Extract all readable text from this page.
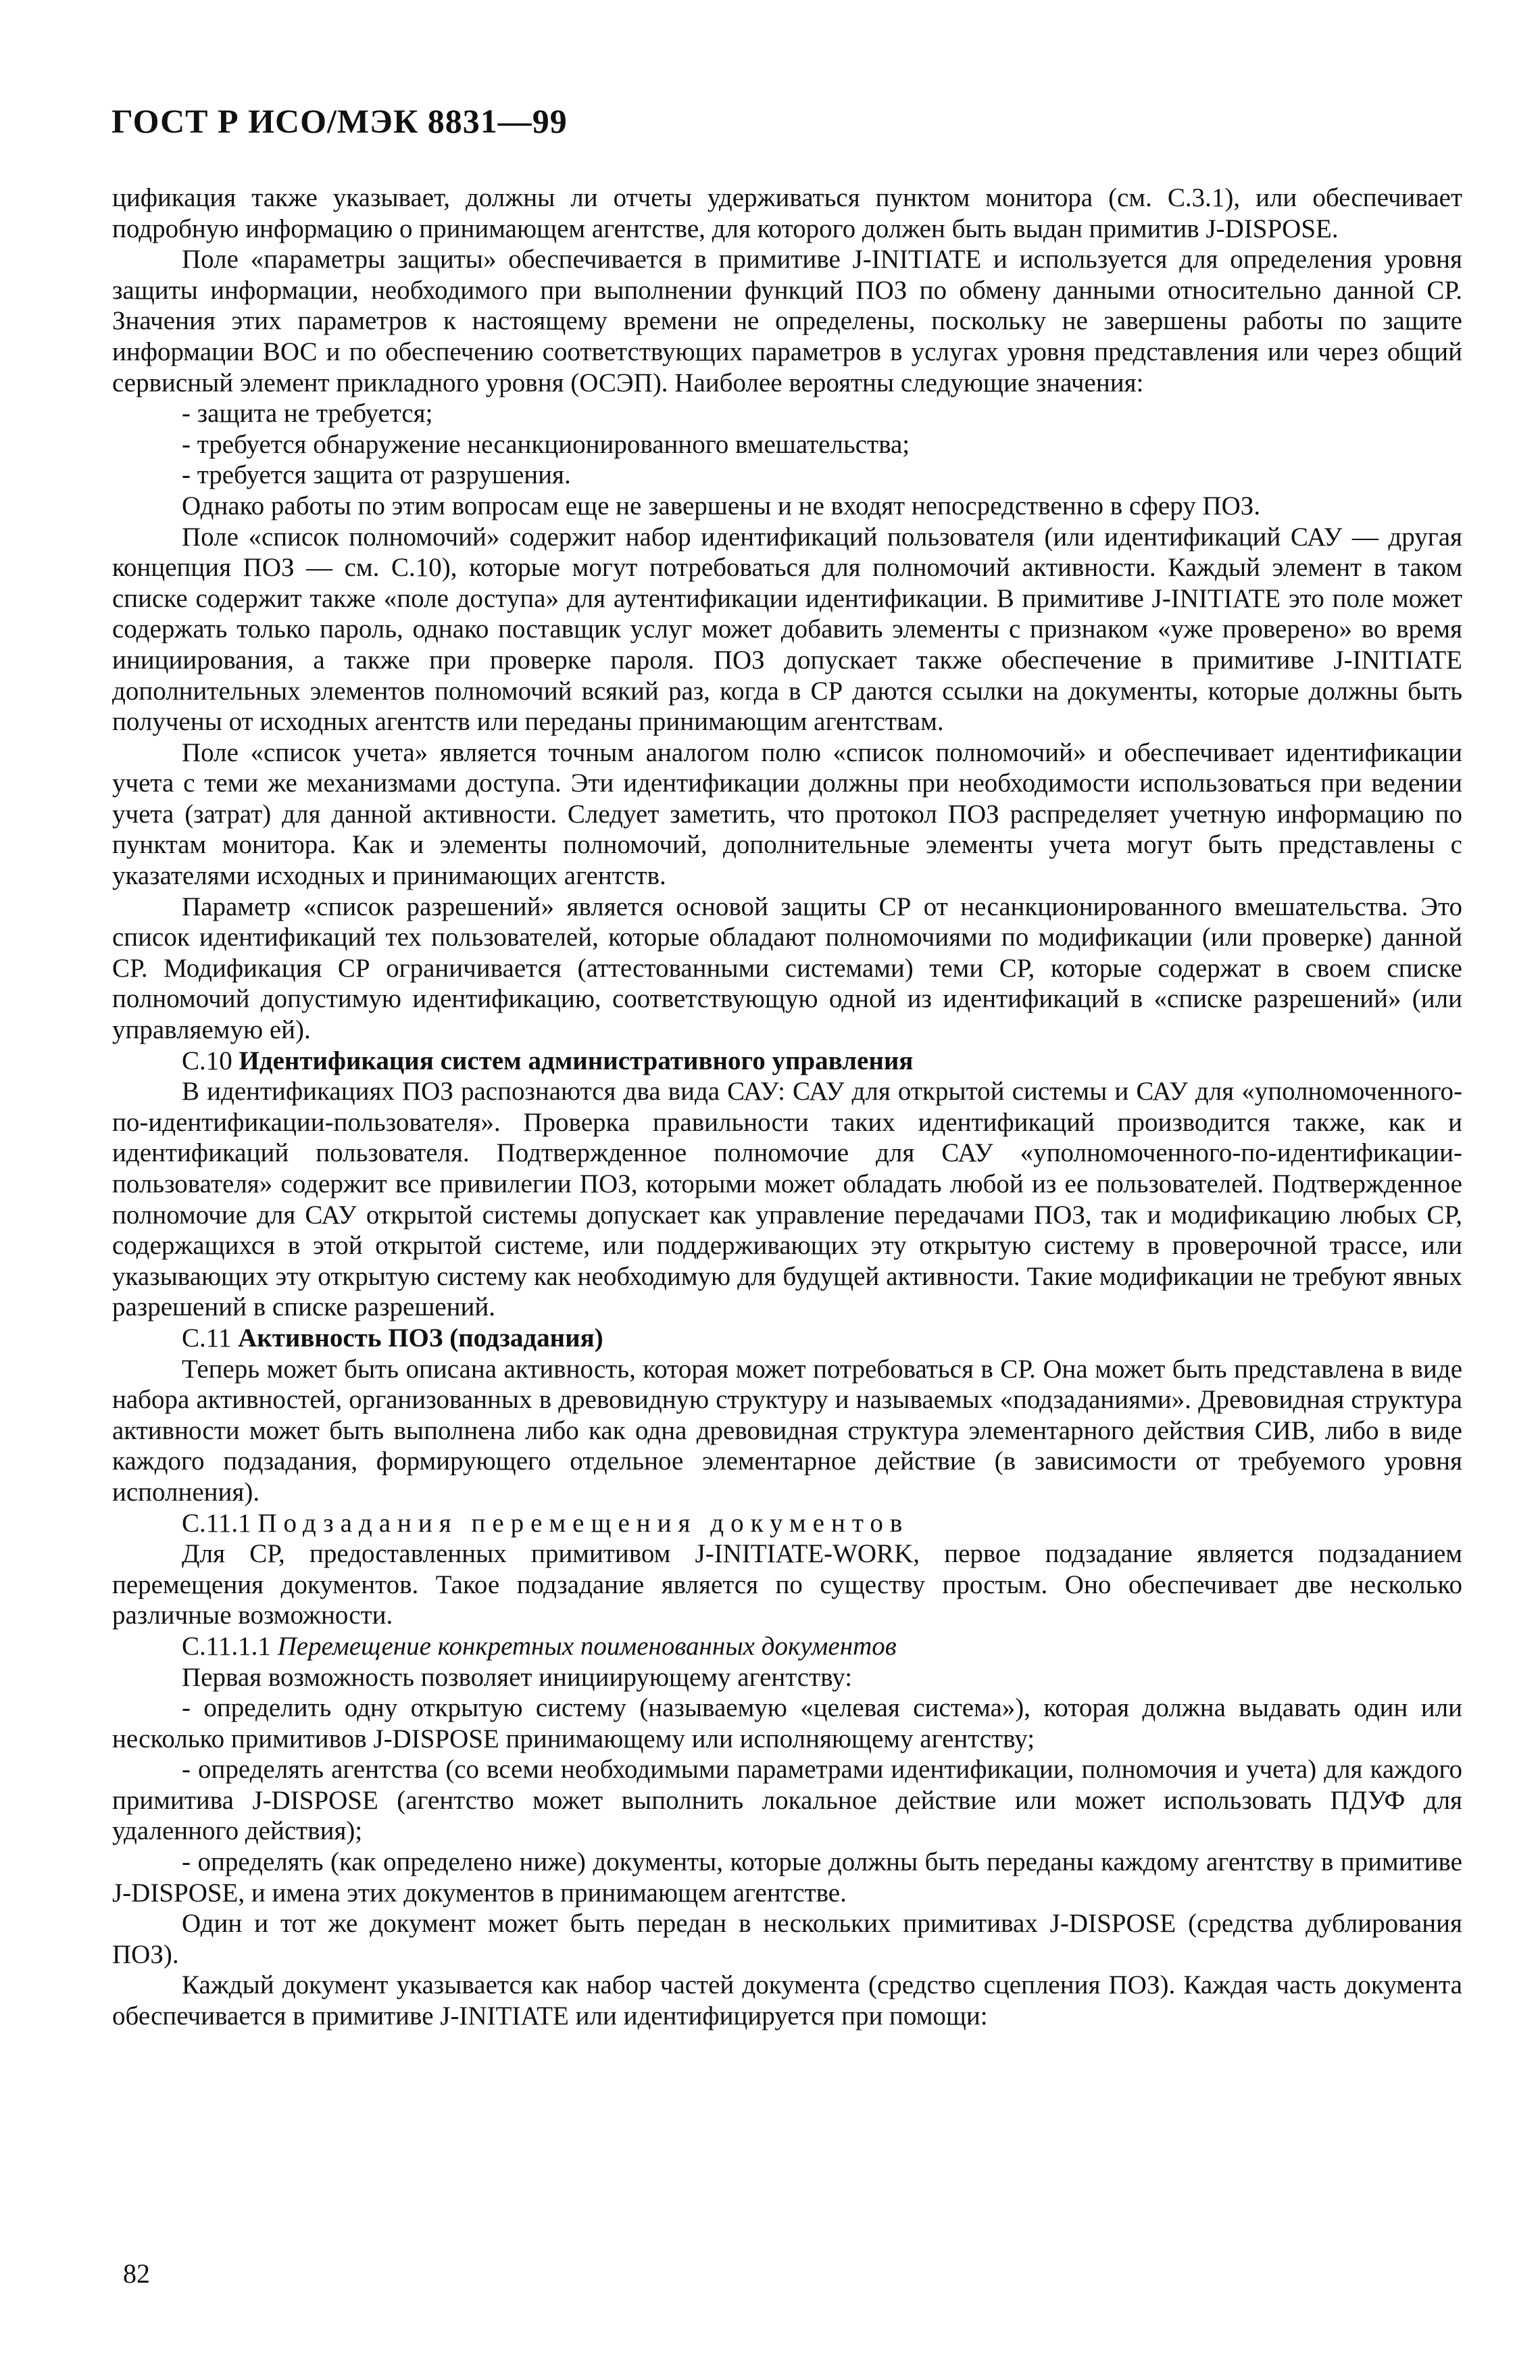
ГОСТ Р ИСО/МЭК 8831—99

цификация также указывает, должны ли отчеты удерживаться пунктом монитора (см. С.3.1), или обеспечивает подробную информацию о принимающем агентстве, для которого должен быть выдан примитив J-DISPOSE.

Поле «параметры защиты» обеспечивается в примитиве J-INITIATE и используется для определения уровня защиты информации, необходимого при выполнении функций ПОЗ по обмену данными относительно данной СР. Значения этих параметров к настоящему времени не определены, поскольку не завершены работы по защите информации ВОС и по обеспечению соответствующих параметров в услугах уровня представления или через общий сервисный элемент прикладного уровня (ОСЭП). Наиболее вероятны следующие значения:

- защита не требуется;

- требуется обнаружение несанкционированного вмешательства;

- требуется защита от разрушения.

Однако работы по этим вопросам еще не завершены и не входят непосредственно в сферу ПОЗ.

Поле «список полномочий» содержит набор идентификаций пользователя (или идентификаций САУ — другая концепция ПОЗ — см. С.10), которые могут потребоваться для полномочий активности. Каждый элемент в таком списке содержит также «поле доступа» для аутентификации идентификации. В примитиве J-INITIATE это поле может содержать только пароль, однако поставщик услуг может добавить элементы с признаком «уже проверено» во время инициирования, а также при проверке пароля. ПОЗ допускает также обеспечение в примитиве J-INITIATE дополнительных элементов полномочий всякий раз, когда в СР даются ссылки на документы, которые должны быть получены от исходных агентств или переданы принимающим агентствам.

Поле «список учета» является точным аналогом полю «список полномочий» и обеспечивает идентификации учета с теми же механизмами доступа. Эти идентификации должны при необходимости использоваться при ведении учета (затрат) для данной активности. Следует заметить, что протокол ПОЗ распределяет учетную информацию по пунктам монитора. Как и элементы полномочий, дополнительные элементы учета могут быть представлены с указателями исходных и принимающих агентств.

Параметр «список разрешений» является основой защиты СР от несанкционированного вмешательства. Это список идентификаций тех пользователей, которые обладают полномочиями по модификации (или проверке) данной СР. Модификация СР ограничивается (аттестованными системами) теми СР, которые содержат в своем списке полномочий допустимую идентификацию, соответствующую одной из идентификаций в «списке разрешений» (или управляемую ей).

С.10 Идентификация систем административного управления

В идентификациях ПОЗ распознаются два вида САУ: САУ для открытой системы и САУ для «уполномоченного-по-идентификации-пользователя». Проверка правильности таких идентификаций производится также, как и идентификаций пользователя. Подтвержденное полномочие для САУ «уполномоченного-по-идентификации-пользователя» содержит все привилегии ПОЗ, которыми может обладать любой из ее пользователей. Подтвержденное полномочие для САУ открытой системы допускает как управление передачами ПОЗ, так и модификацию любых СР, содержащихся в этой открытой системе, или поддерживающих эту открытую систему в проверочной трассе, или указывающих эту открытую систему как необходимую для будущей активности. Такие модификации не требуют явных разрешений в списке разрешений.

С.11 Активность ПОЗ (подзадания)

Теперь может быть описана активность, которая может потребоваться в СР. Она может быть представлена в виде набора активностей, организованных в древовидную структуру и называемых «подзаданиями». Древовидная структура активности может быть выполнена либо как одна древовидная структура элементарного действия СИВ, либо в виде каждого подзадания, формирующего отдельное элементарное действие (в зависимости от требуемого уровня исполнения).

С.11.1 Подзадания перемещения документов

Для СР, предоставленных примитивом J-INITIATE-WORK, первое подзадание является подзаданием перемещения документов. Такое подзадание является по существу простым. Оно обеспечивает две несколько различные возможности.

С.11.1.1 Перемещение конкретных поименованных документов

Первая возможность позволяет инициирующему агентству:

- определить одну открытую систему (называемую «целевая система»), которая должна выдавать один или несколько примитивов J-DISPOSE принимающему или исполняющему агентству;

- определять агентства (со всеми необходимыми параметрами идентификации, полномочия и учета) для каждого примитива J-DISPOSE (агентство может выполнить локальное действие или может использовать ПДУФ для удаленного действия);

- определять (как определено ниже) документы, которые должны быть переданы каждому агентству в примитиве J-DISPOSE, и имена этих документов в принимающем агентстве.

Один и тот же документ может быть передан в нескольких примитивах J-DISPOSE (средства дублирования ПОЗ).

Каждый документ указывается как набор частей документа (средство сцепления ПОЗ). Каждая часть документа обеспечивается в примитиве J-INITIATE или идентифицируется при помощи:

82
